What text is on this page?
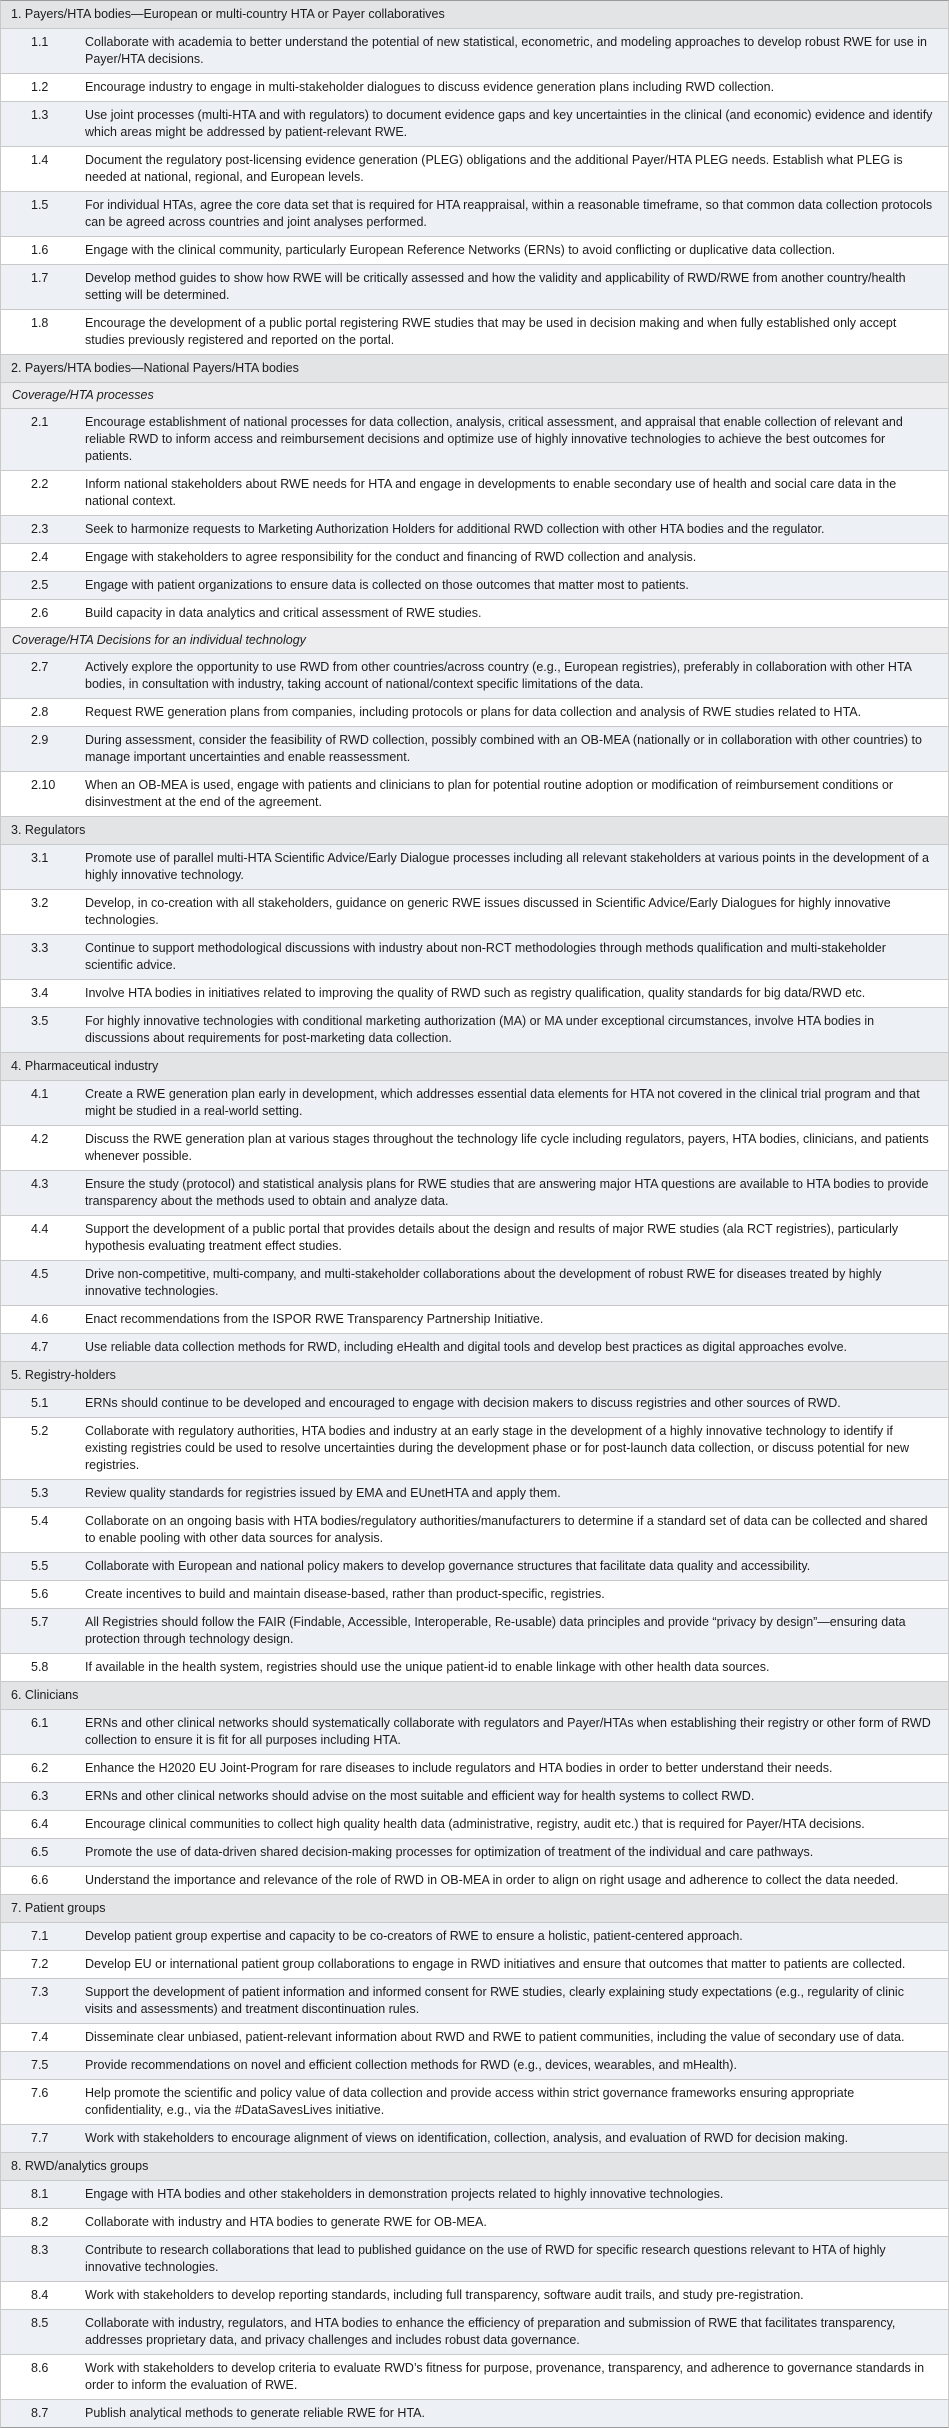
1. Payers/HTA bodies—European or multi-country HTA or Payer collaboratives
1.1	Collaborate with academia to better understand the potential of new statistical, econometric, and modeling approaches to develop robust RWE for use in Payer/HTA decisions.
1.2	Encourage industry to engage in multi-stakeholder dialogues to discuss evidence generation plans including RWD collection.
1.3	Use joint processes (multi-HTA and with regulators) to document evidence gaps and key uncertainties in the clinical (and economic) evidence and identify which areas might be addressed by patient-relevant RWE.
1.4	Document the regulatory post-licensing evidence generation (PLEG) obligations and the additional Payer/HTA PLEG needs. Establish what PLEG is needed at national, regional, and European levels.
1.5	For individual HTAs, agree the core data set that is required for HTA reappraisal, within a reasonable timeframe, so that common data collection protocols can be agreed across countries and joint analyses performed.
1.6	Engage with the clinical community, particularly European Reference Networks (ERNs) to avoid conflicting or duplicative data collection.
1.7	Develop method guides to show how RWE will be critically assessed and how the validity and applicability of RWD/RWE from another country/health setting will be determined.
1.8	Encourage the development of a public portal registering RWE studies that may be used in decision making and when fully established only accept studies previously registered and reported on the portal.
2. Payers/HTA bodies—National Payers/HTA bodies
Coverage/HTA processes
2.1	Encourage establishment of national processes for data collection, analysis, critical assessment, and appraisal that enable collection of relevant and reliable RWD to inform access and reimbursement decisions and optimize use of highly innovative technologies to achieve the best outcomes for patients.
2.2	Inform national stakeholders about RWE needs for HTA and engage in developments to enable secondary use of health and social care data in the national context.
2.3	Seek to harmonize requests to Marketing Authorization Holders for additional RWD collection with other HTA bodies and the regulator.
2.4	Engage with stakeholders to agree responsibility for the conduct and financing of RWD collection and analysis.
2.5	Engage with patient organizations to ensure data is collected on those outcomes that matter most to patients.
2.6	Build capacity in data analytics and critical assessment of RWE studies.
Coverage/HTA Decisions for an individual technology
2.7	Actively explore the opportunity to use RWD from other countries/across country (e.g., European registries), preferably in collaboration with other HTA bodies, in consultation with industry, taking account of national/context specific limitations of the data.
2.8	Request RWE generation plans from companies, including protocols or plans for data collection and analysis of RWE studies related to HTA.
2.9	During assessment, consider the feasibility of RWD collection, possibly combined with an OB-MEA (nationally or in collaboration with other countries) to manage important uncertainties and enable reassessment.
2.10	When an OB-MEA is used, engage with patients and clinicians to plan for potential routine adoption or modification of reimbursement conditions or disinvestment at the end of the agreement.
3. Regulators
3.1	Promote use of parallel multi-HTA Scientific Advice/Early Dialogue processes including all relevant stakeholders at various points in the development of a highly innovative technology.
3.2	Develop, in co-creation with all stakeholders, guidance on generic RWE issues discussed in Scientific Advice/Early Dialogues for highly innovative technologies.
3.3	Continue to support methodological discussions with industry about non-RCT methodologies through methods qualification and multi-stakeholder scientific advice.
3.4	Involve HTA bodies in initiatives related to improving the quality of RWD such as registry qualification, quality standards for big data/RWD etc.
3.5	For highly innovative technologies with conditional marketing authorization (MA) or MA under exceptional circumstances, involve HTA bodies in discussions about requirements for post-marketing data collection.
4. Pharmaceutical industry
4.1	Create a RWE generation plan early in development, which addresses essential data elements for HTA not covered in the clinical trial program and that might be studied in a real-world setting.
4.2	Discuss the RWE generation plan at various stages throughout the technology life cycle including regulators, payers, HTA bodies, clinicians, and patients whenever possible.
4.3	Ensure the study (protocol) and statistical analysis plans for RWE studies that are answering major HTA questions are available to HTA bodies to provide transparency about the methods used to obtain and analyze data.
4.4	Support the development of a public portal that provides details about the design and results of major RWE studies (ala RCT registries), particularly hypothesis evaluating treatment effect studies.
4.5	Drive non-competitive, multi-company, and multi-stakeholder collaborations about the development of robust RWE for diseases treated by highly innovative technologies.
4.6	Enact recommendations from the ISPOR RWE Transparency Partnership Initiative.
4.7	Use reliable data collection methods for RWD, including eHealth and digital tools and develop best practices as digital approaches evolve.
5. Registry-holders
5.1	ERNs should continue to be developed and encouraged to engage with decision makers to discuss registries and other sources of RWD.
5.2	Collaborate with regulatory authorities, HTA bodies and industry at an early stage in the development of a highly innovative technology to identify if existing registries could be used to resolve uncertainties during the development phase or for post-launch data collection, or discuss potential for new registries.
5.3	Review quality standards for registries issued by EMA and EUnetHTA and apply them.
5.4	Collaborate on an ongoing basis with HTA bodies/regulatory authorities/manufacturers to determine if a standard set of data can be collected and shared to enable pooling with other data sources for analysis.
5.5	Collaborate with European and national policy makers to develop governance structures that facilitate data quality and accessibility.
5.6	Create incentives to build and maintain disease-based, rather than product-specific, registries.
5.7	All Registries should follow the FAIR (Findable, Accessible, Interoperable, Re-usable) data principles and provide “privacy by design”—ensuring data protection through technology design.
5.8	If available in the health system, registries should use the unique patient-id to enable linkage with other health data sources.
6. Clinicians
6.1	ERNs and other clinical networks should systematically collaborate with regulators and Payer/HTAs when establishing their registry or other form of RWD collection to ensure it is fit for all purposes including HTA.
6.2	Enhance the H2020 EU Joint-Program for rare diseases to include regulators and HTA bodies in order to better understand their needs.
6.3	ERNs and other clinical networks should advise on the most suitable and efficient way for health systems to collect RWD.
6.4	Encourage clinical communities to collect high quality health data (administrative, registry, audit etc.) that is required for Payer/HTA decisions.
6.5	Promote the use of data-driven shared decision-making processes for optimization of treatment of the individual and care pathways.
6.6	Understand the importance and relevance of the role of RWD in OB-MEA in order to align on right usage and adherence to collect the data needed.
7. Patient groups
7.1	Develop patient group expertise and capacity to be co-creators of RWE to ensure a holistic, patient-centered approach.
7.2	Develop EU or international patient group collaborations to engage in RWD initiatives and ensure that outcomes that matter to patients are collected.
7.3	Support the development of patient information and informed consent for RWE studies, clearly explaining study expectations (e.g., regularity of clinic visits and assessments) and treatment discontinuation rules.
7.4	Disseminate clear unbiased, patient-relevant information about RWD and RWE to patient communities, including the value of secondary use of data.
7.5	Provide recommendations on novel and efficient collection methods for RWD (e.g., devices, wearables, and mHealth).
7.6	Help promote the scientific and policy value of data collection and provide access within strict governance frameworks ensuring appropriate confidentiality, e.g., via the #DataSavesLives initiative.
7.7	Work with stakeholders to encourage alignment of views on identification, collection, analysis, and evaluation of RWD for decision making.
8. RWD/analytics groups
8.1	Engage with HTA bodies and other stakeholders in demonstration projects related to highly innovative technologies.
8.2	Collaborate with industry and HTA bodies to generate RWE for OB-MEA.
8.3	Contribute to research collaborations that lead to published guidance on the use of RWD for specific research questions relevant to HTA of highly innovative technologies.
8.4	Work with stakeholders to develop reporting standards, including full transparency, software audit trails, and study pre-registration.
8.5	Collaborate with industry, regulators, and HTA bodies to enhance the efficiency of preparation and submission of RWE that facilitates transparency, addresses proprietary data, and privacy challenges and includes robust data governance.
8.6	Work with stakeholders to develop criteria to evaluate RWD’s fitness for purpose, provenance, transparency, and adherence to governance standards in order to inform the evaluation of RWE.
8.7	Publish analytical methods to generate reliable RWE for HTA.
